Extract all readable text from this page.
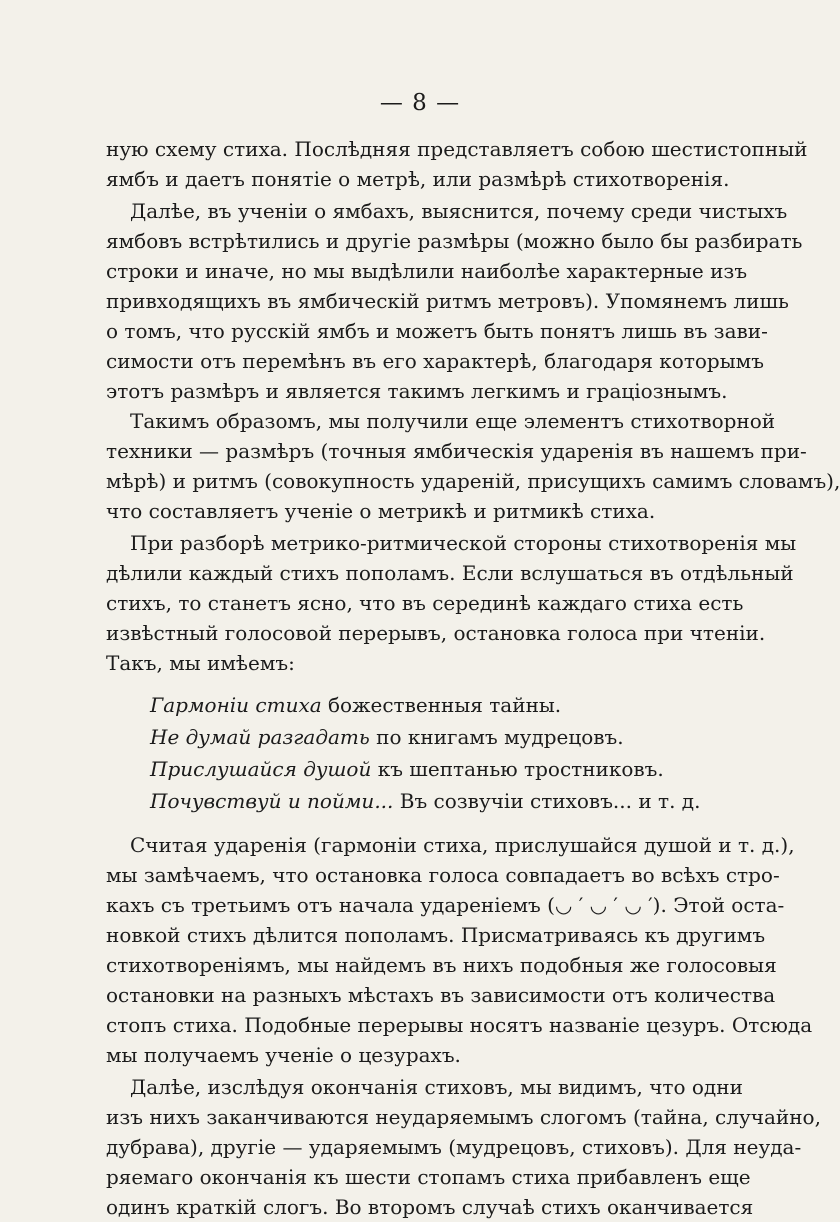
— 8 —
ную схему стиха. Послѣдняя представляетъ собою шестистопный
ямбъ и даетъ понятіе о метрѣ, или размѣрѣ стихотворенія.
Далѣе, въ ученіи о ямбахъ, выяснится, почему среди чистыхъ
ямбовъ встрѣтились и другіе размѣры (можно было бы разбирать
строки и иначе, но мы выдѣлили наиболѣе характерные изъ
привходящихъ въ ямбическій ритмъ метровъ). Упомянемъ лишь
о томъ, что русскій ямбъ и можетъ быть понятъ лишь въ зави-
симости отъ перемѣнъ въ его характерѣ, благодаря которымъ
этотъ размѣръ и является такимъ легкимъ и граціознымъ.
Такимъ образомъ, мы получили еще элементъ стихотворной
техники — размѣръ (точныя ямбическія ударенія въ нашемъ при-
мѣрѣ) и ритмъ (совокупность удареній, присущихъ самимъ словамъ),
что составляетъ ученіе о метрикѣ и ритмикѣ стиха.
При разборѣ метрико-ритмической стороны стихотворенія мы
дѣлили каждый стихъ пополамъ. Если вслушаться въ отдѣльный
стихъ, то станетъ ясно, что въ серединѣ каждаго стиха есть
извѣстный голосовой перерывъ, остановка голоса при чтеніи.
Такъ, мы имѣемъ:
Гармоніи стиха божественныя тайны.
Не думай разгадать по книгамъ мудрецовъ.
Прислушайся душой къ шептанью тростниковъ.
Почувствуй и пойми... Въ созвучіи стиховъ... и т. д.
Считая ударенія (гармоніи стиха, прислушайся душой и т. д.),
мы замѣчаемъ, что остановка голоса совпадаетъ во всѣхъ стро-
кахъ съ третьимъ отъ начала удареніемъ (◡ ′ ◡ ′ ◡ ′). Этой оста-
новкой стихъ дѣлится пополамъ. Присматриваясь къ другимъ
стихотвореніямъ, мы найдемъ въ нихъ подобныя же голосовыя
остановки на разныхъ мѣстахъ въ зависимости отъ количества
стопъ стиха. Подобные перерывы носятъ названіе цезуръ. Отсюда
мы получаемъ ученіе о цезурахъ.
Далѣе, изслѣдуя окончанія стиховъ, мы видимъ, что одни
изъ нихъ заканчиваются неударяемымъ слогомъ (тайна, случайно,
дубрава), другіе — ударяемымъ (мудрецовъ, стиховъ). Для неуда-
ряемаго окончанія къ шести стопамъ стиха прибавленъ еще
одинъ краткій слогъ. Во второмъ случаѣ стихъ оканчивается
